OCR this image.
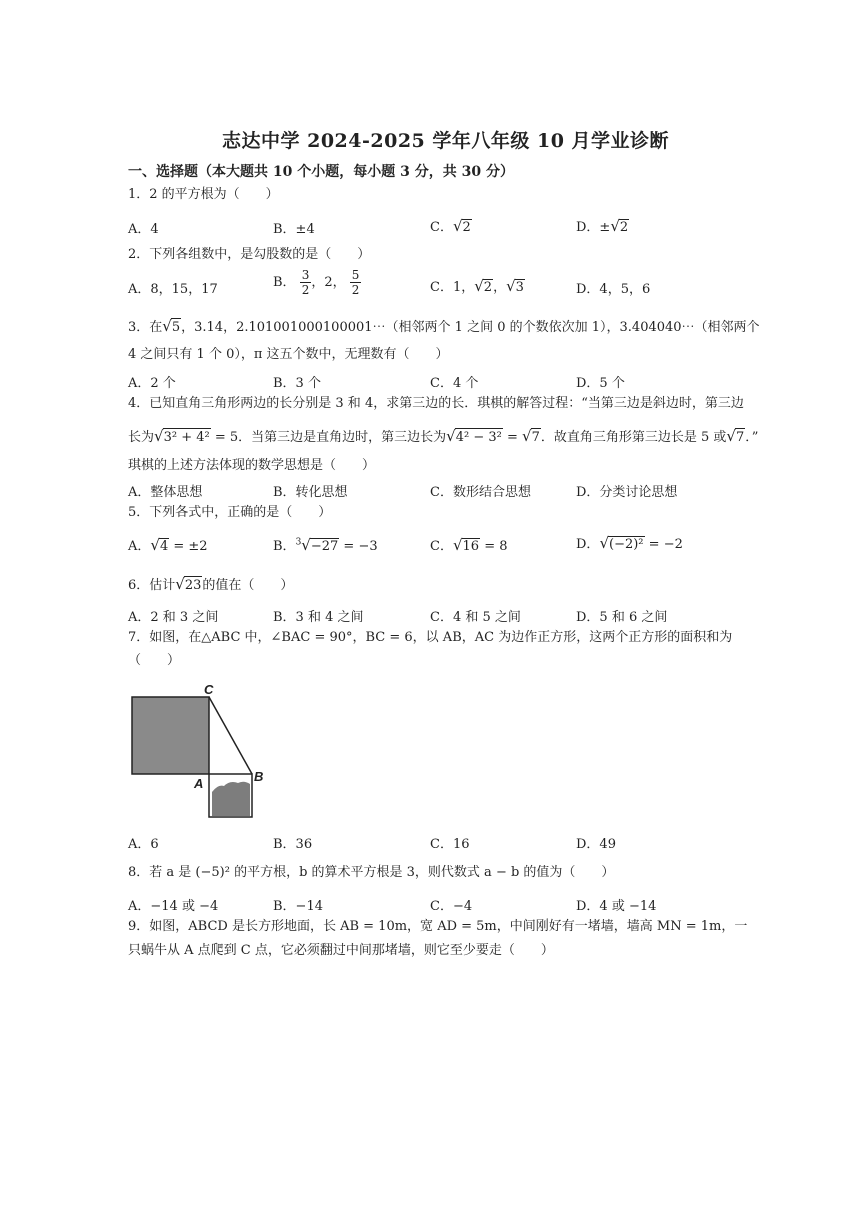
志达中学 2024-2025 学年八年级 10 月学业诊断
一、选择题（本大题共 10 个小题，每小题 3 分，共 30 分）
1．2 的平方根为（　　）
A．4	B．±4	C．√2	D．±√2
2．下列各组数中，是勾股数的是（　　）
A．8，15，17	B． $\frac{3}{2}$ ，2， $\frac{5}{2}$	C．1，√2，√3	D．4，5，6
3．在√5，3.14，2.101001000100001⋯（相邻两个 1 之间 0 的个数依次加 1），3.404040⋯（相邻两个
4 之间只有 1 个 0），π 这五个数中，无理数有（　　）
A．2 个	B．3 个	C．4 个	D．5 个
4．已知直角三角形两边的长分别是 3 和 4，求第三边的长．琪棋的解答过程：“当第三边是斜边时，第三边
长为√3² + 4² = 5．当第三边是直角边时，第三边长为√4² − 3² = √7．故直角三角形第三边长是 5 或√7．”
琪棋的上述方法体现的数学思想是（　　）
A．整体思想	B．转化思想	C．数形结合思想	D．分类讨论思想
5．下列各式中，正确的是（　　）
A．√4 = ±2	B．$^3$√−27 = −3	C．√16 = 8	D．√(−2)² = −2
6．估计√23的值在（　　）
A．2 和 3 之间	B．3 和 4 之间	C．4 和 5 之间	D．5 和 6 之间
7．如图，在△ABC 中，∠BAC = 90°，BC = 6，以 AB，AC 为边作正方形，这两个正方形的面积和为
（　　）
C
A	B
A．6	B．36	C．16	D．49
8．若 a 是 (−5)² 的平方根，b 的算术平方根是 3，则代数式 a − b 的值为（　　）
A．−14 或 −4	B．−14	C．−4	D．4 或 −14
9．如图，ABCD 是长方形地面，长 AB = 10m，宽 AD = 5m，中间刚好有一堵墙，墙高 MN = 1m，一
只蜗牛从 A 点爬到 C 点，它必须翻过中间那堵墙，则它至少要走（　　）
